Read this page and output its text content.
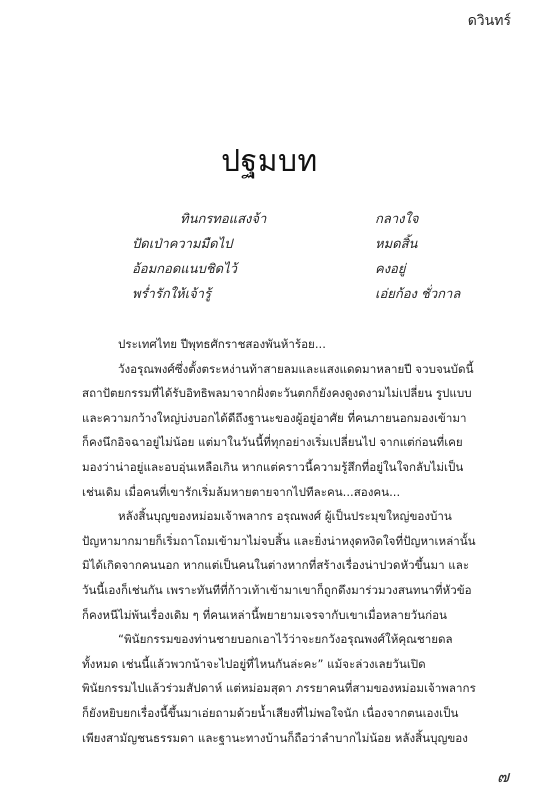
ดวินทร์
ปฐมบท
ทินกรทอแสงจ้า	กลางใจ
ปัดเป่าความมืดไป	หมดสิ้น
อ้อมกอดแนบชิดไว้	คงอยู่
พร่ำรักให้เจ้ารู้	เอ่ยก้อง ชั่วกาล
ประเทศไทย ปีพุทธศักราชสองพันห้าร้อย...
วังอรุณพงศ์ซึ่งตั้งตระหง่านท้าสายลมและแสงแดดมาหลายปี จวบจนบัดนี้
สถาปัตยกรรมที่ได้รับอิทธิพลมาจากฝั่งตะวันตกก็ยังคงดูงดงามไม่เปลี่ยน รูปแบบ
และความกว้างใหญ่บ่งบอกได้ดีถึงฐานะของผู้อยู่อาศัย ที่คนภายนอกมองเข้ามา
ก็คงนึกอิจฉาอยู่ไม่น้อย แต่มาในวันนี้ที่ทุกอย่างเริ่มเปลี่ยนไป จากแต่ก่อนที่เคย
มองว่าน่าอยู่และอบอุ่นเหลือเกิน หากแต่คราวนี้ความรู้สึกที่อยู่ในใจกลับไม่เป็น
เช่นเดิม เมื่อคนที่เขารักเริ่มล้มหายตายจากไปทีละคน...สองคน...
หลังสิ้นบุญของหม่อมเจ้าพลากร อรุณพงศ์ ผู้เป็นประมุขใหญ่ของบ้าน
ปัญหามากมายก็เริ่มถาโถมเข้ามาไม่จบสิ้น และยิ่งน่าหงุดหงิดใจที่ปัญหาเหล่านั้น
มิได้เกิดจากคนนอก หากแต่เป็นคนในต่างหากที่สร้างเรื่องน่าปวดหัวขึ้นมา และ
วันนี้เองก็เช่นกัน เพราะทันทีที่ก้าวเท้าเข้ามาเขาก็ถูกดึงมาร่วมวงสนทนาที่หัวข้อ
ก็คงหนีไม่พ้นเรื่องเดิม ๆ ที่คนเหล่านี้พยายามเจรจากับเขาเมื่อหลายวันก่อน
“พินัยกรรมของท่านชายบอกเอาไว้ว่าจะยกวังอรุณพงศ์ให้คุณชายดล
ทั้งหมด เช่นนี้แล้วพวกน้าจะไปอยู่ที่ไหนกันล่ะคะ” แม้จะล่วงเลยวันเปิด
พินัยกรรมไปแล้วร่วมสัปดาห์ แต่หม่อมสุดา ภรรยาคนที่สามของหม่อมเจ้าพลากร
ก็ยังหยิบยกเรื่องนี้ขึ้นมาเอ่ยถามด้วยน้ำเสียงที่ไม่พอใจนัก เนื่องจากตนเองเป็น
เพียงสามัญชนธรรมดา และฐานะทางบ้านก็ถือว่าลำบากไม่น้อย หลังสิ้นบุญของ
๗
